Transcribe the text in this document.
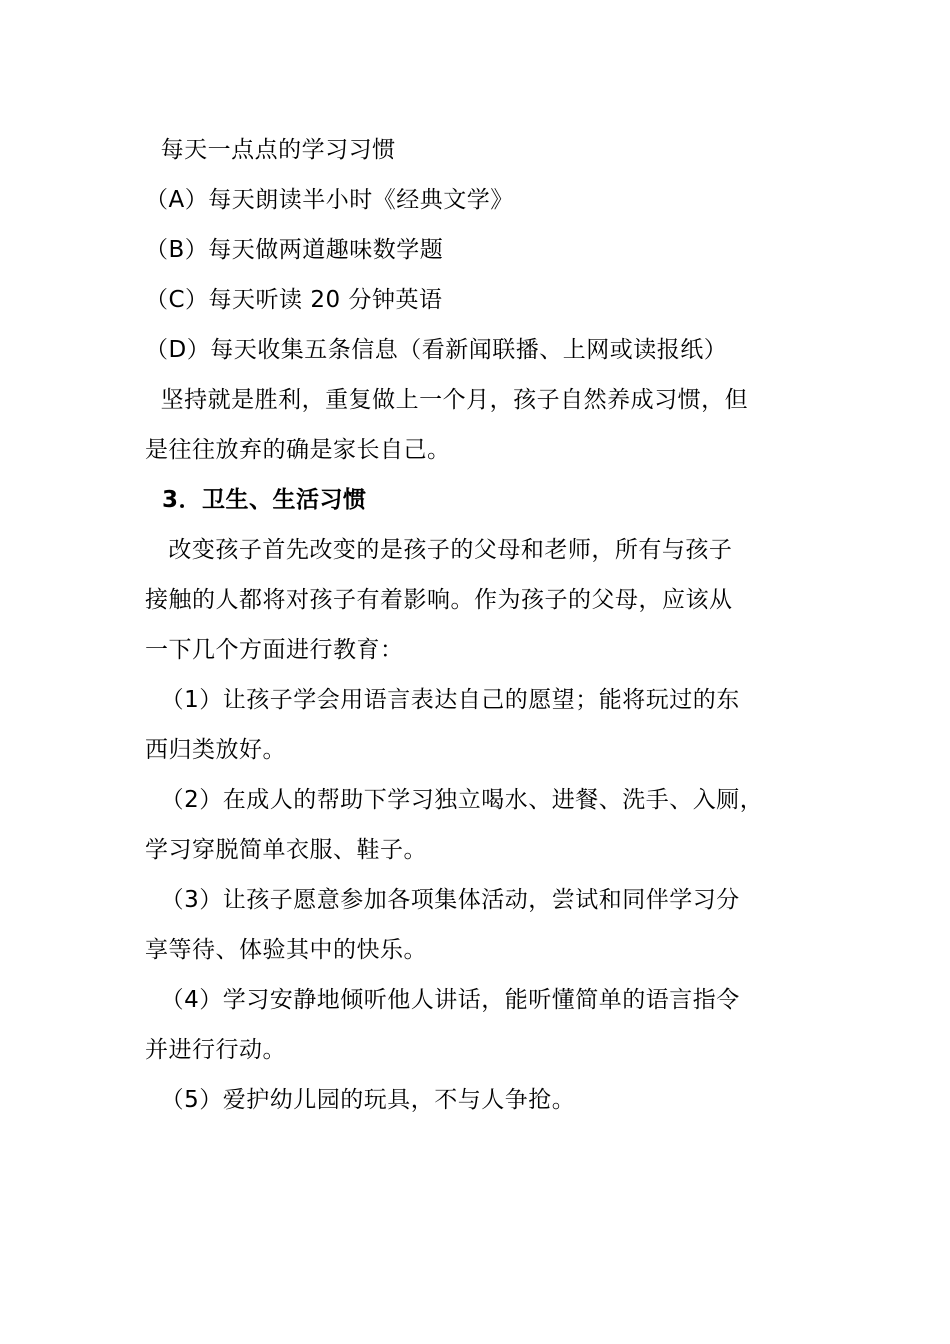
每天一点点的学习习惯
（A）每天朗读半小时《经典文学》
（B）每天做两道趣味数学题
（C）每天听读 20 分钟英语
（D）每天收集五条信息（看新闻联播、上网或读报纸）
坚持就是胜利，重复做上一个月，孩子自然养成习惯，但
是往往放弃的确是家长自己。
3．卫生、生活习惯
改变孩子首先改变的是孩子的父母和老师，所有与孩子
接触的人都将对孩子有着影响。作为孩子的父母，应该从
一下几个方面进行教育：
（1）让孩子学会用语言表达自己的愿望；能将玩过的东
西归类放好。
（2）在成人的帮助下学习独立喝水、进餐、洗手、入厕，
学习穿脱简单衣服、鞋子。
（3）让孩子愿意参加各项集体活动，尝试和同伴学习分
享等待、体验其中的快乐。
（4）学习安静地倾听他人讲话，能听懂简单的语言指令
并进行行动。
（5）爱护幼儿园的玩具，不与人争抢。
